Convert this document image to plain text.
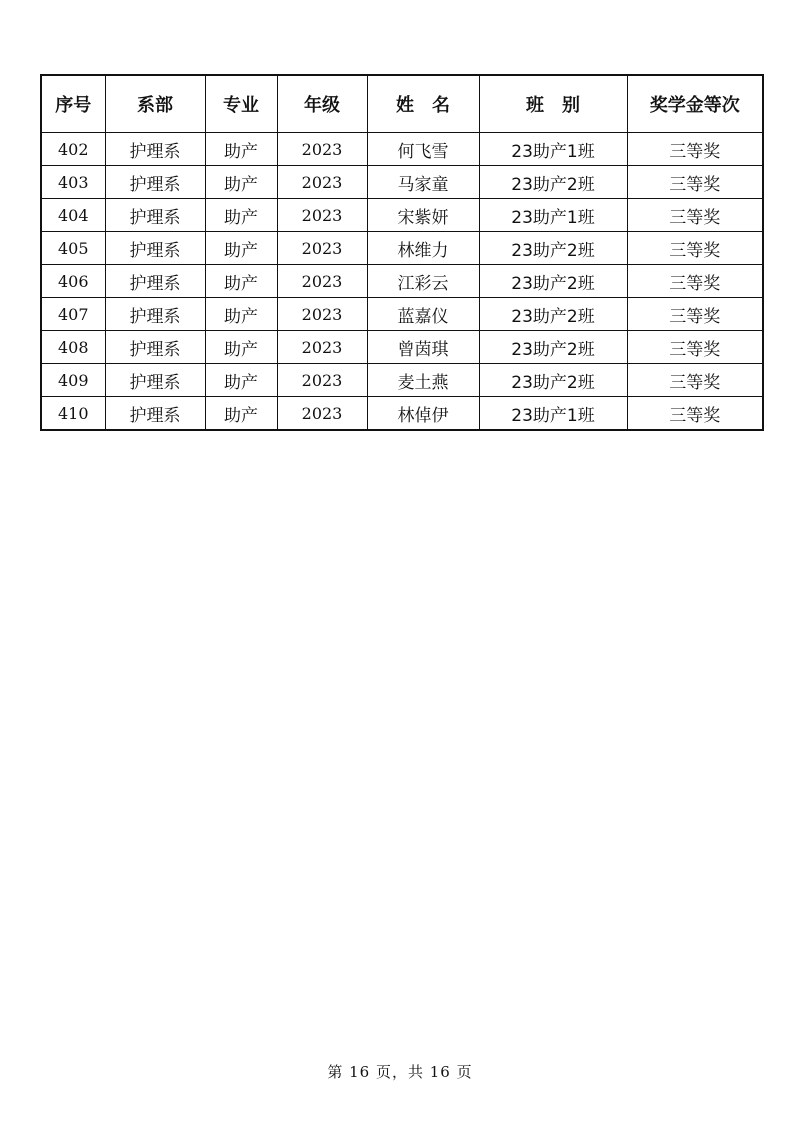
序号	系部	专业	年级	姓　名	班　别	奖学金等次
402	护理系	助产	2023	何飞雪	23助产1班	三等奖
403	护理系	助产	2023	马家童	23助产2班	三等奖
404	护理系	助产	2023	宋紫妍	23助产1班	三等奖
405	护理系	助产	2023	林维力	23助产2班	三等奖
406	护理系	助产	2023	江彩云	23助产2班	三等奖
407	护理系	助产	2023	蓝嘉仪	23助产2班	三等奖
408	护理系	助产	2023	曾茵琪	23助产2班	三等奖
409	护理系	助产	2023	麦土燕	23助产2班	三等奖
410	护理系	助产	2023	林倬伊	23助产1班	三等奖
第 16 页，共 16 页
